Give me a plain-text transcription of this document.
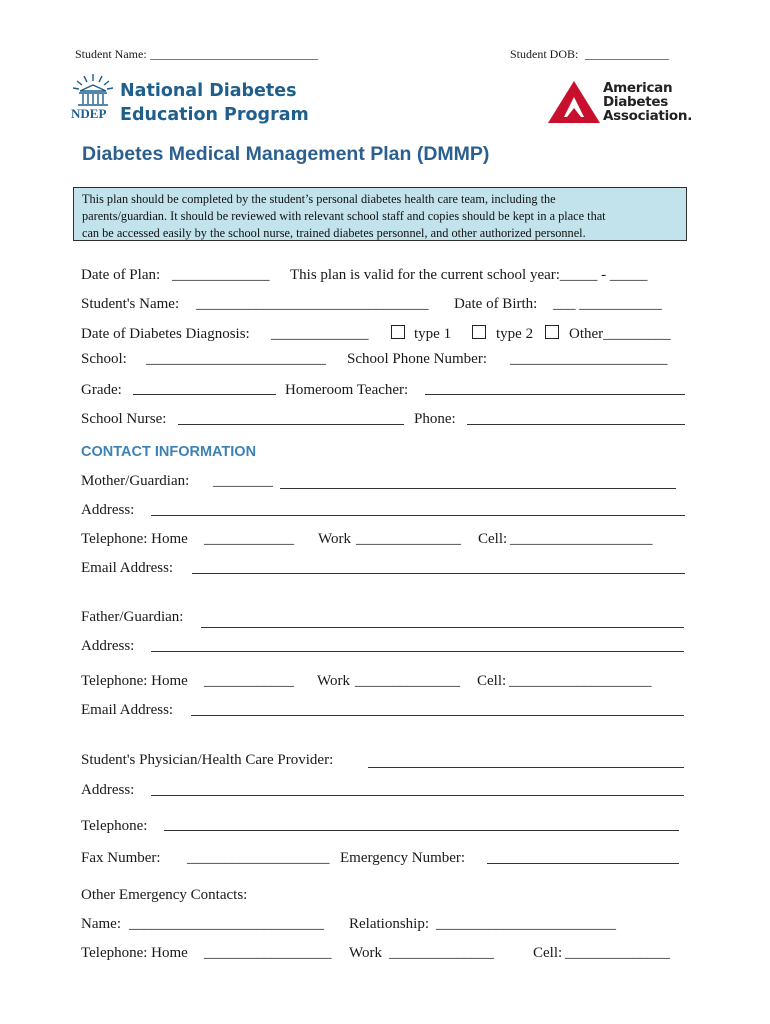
Student Name: ____________________________	Student DOB: ______________
NDEP
National Diabetes
Education Program
American
Diabetes
Association.
Diabetes Medical Management Plan (DMMP)
This plan should be completed by the student’s personal diabetes health care team, including the
parents/guardian. It should be reviewed with relevant school staff and copies should be kept in a place that
can be accessed easily by the school nurse, trained diabetes personnel, and other authorized personnel.
Date of Plan: _____________ This plan is valid for the current school year:_____ - _____
Student's Name: _______________________________ Date of Birth: ___ ___________
Date of Diabetes Diagnosis: _____________	type 1	type 2 Other_________
School: ________________________ School Phone Number: _____________________
Grade:	Homeroom Teacher:
School Nurse:	Phone:
CONTACT INFORMATION
Mother/Guardian: ________
Address:
Telephone: Home ____________ Work ______________ Cell: ___________________
Email Address:
Father/Guardian:
Address:
Telephone: Home ____________ Work ______________ Cell: ___________________
Email Address:
Student's Physician/Health Care Provider:
Address:
Telephone:
Fax Number: ___________________ Emergency Number:
Other Emergency Contacts:
Name: __________________________ Relationship: ________________________
Telephone: Home _________________ Work ______________	Cell: ______________
